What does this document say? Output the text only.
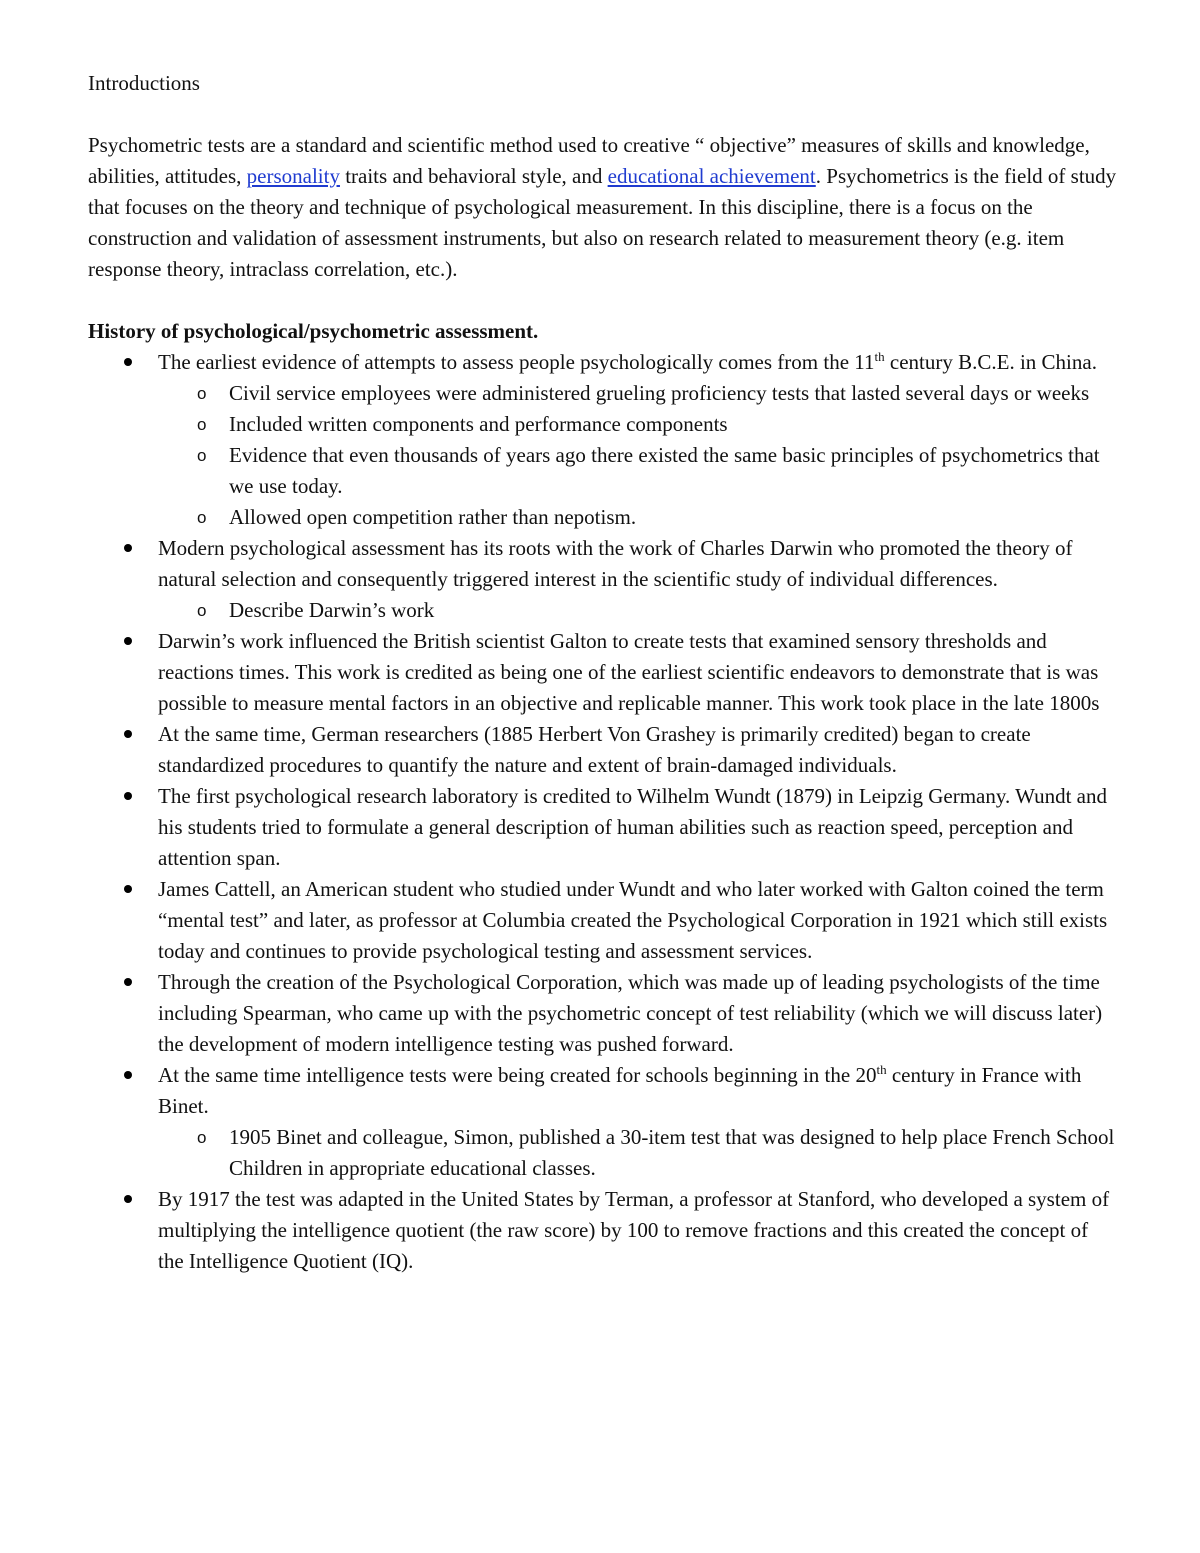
Introductions

Psychometric tests are a standard and scientific method used to creative “ objective” measures of skills and knowledge, abilities, attitudes, personality traits and behavioral style, and educational achievement. Psychometrics is the field of study that focuses on the theory and technique of psychological measurement. In this discipline, there is a focus on the construction and validation of assessment instruments, but also on research related to measurement theory (e.g. item response theory, intraclass correlation, etc.).

History of psychological/psychometric assessment.

The earliest evidence of attempts to assess people psychologically comes from the 11th century B.C.E. in China.
o Civil service employees were administered grueling proficiency tests that lasted several days or weeks
o Included written components and performance components
o Evidence that even thousands of years ago there existed the same basic principles of psychometrics that we use today.
o Allowed open competition rather than nepotism.
Modern psychological assessment has its roots with the work of Charles Darwin who promoted the theory of natural selection and consequently triggered interest in the scientific study of individual differences.
o Describe Darwin’s work
Darwin’s work influenced the British scientist Galton to create tests that examined sensory thresholds and reactions times. This work is credited as being one of the earliest scientific endeavors to demonstrate that is was possible to measure mental factors in an objective and replicable manner. This work took place in the late 1800s
At the same time, German researchers (1885 Herbert Von Grashey is primarily credited) began to create standardized procedures to quantify the nature and extent of brain-damaged individuals.
The first psychological research laboratory is credited to Wilhelm Wundt (1879) in Leipzig Germany. Wundt and his students tried to formulate a general description of human abilities such as reaction speed, perception and attention span.
James Cattell, an American student who studied under Wundt and who later worked with Galton coined the term “mental test” and later, as professor at Columbia created the Psychological Corporation in 1921 which still exists today and continues to provide psychological testing and assessment services.
Through the creation of the Psychological Corporation, which was made up of leading psychologists of the time including Spearman, who came up with the psychometric concept of test reliability (which we will discuss later) the development of modern intelligence testing was pushed forward.
At the same time intelligence tests were being created for schools beginning in the 20th century in France with Binet.
o 1905 Binet and colleague, Simon, published a 30-item test that was designed to help place French School Children in appropriate educational classes.
By 1917 the test was adapted in the United States by Terman, a professor at Stanford, who developed a system of multiplying the intelligence quotient (the raw score) by 100 to remove fractions and this created the concept of the Intelligence Quotient (IQ).
